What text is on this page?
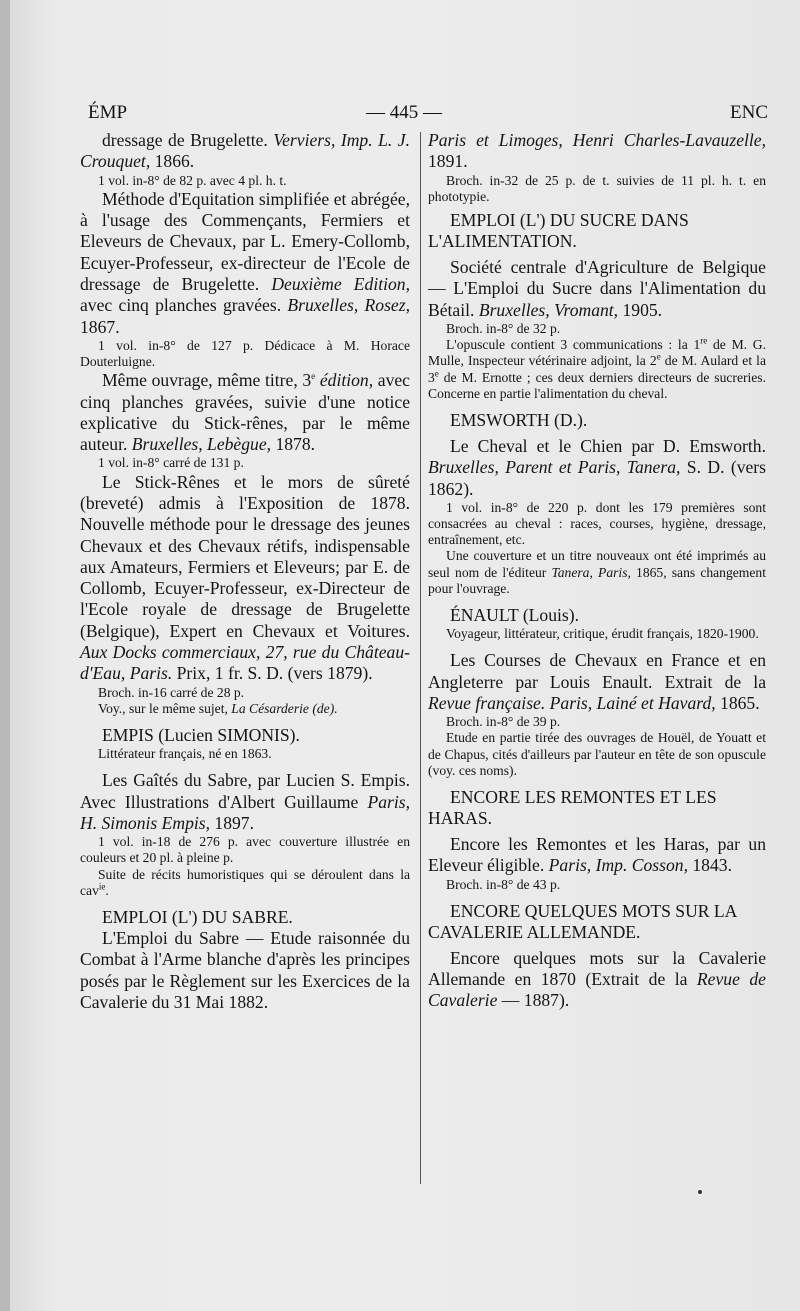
ÉMP	— 445 —	ENC
dressage de Brugelette. Verviers, Imp. L. J. Crouquet, 1866.
1 vol. in-8° de 82 p. avec 4 pl. h. t.
Méthode d'Equitation simplifiée et abrégée, à l'usage des Commençants, Fermiers et Eleveurs de Chevaux, par L. Emery-Collomb, Ecuyer-Professeur, ex-directeur de l'Ecole de dressage de Brugelette. Deuxième Edition, avec cinq planches gravées. Bruxelles, Rosez, 1867.
1 vol. in-8° de 127 p. Dédicace à M. Horace Douterluigne.
Même ouvrage, même titre, 3e édition, avec cinq planches gravées, suivie d'une notice explicative du Stick-rênes, par le même auteur. Bruxelles, Lebègue, 1878.
1 vol. in-8° carré de 131 p.
Le Stick-Rênes et le mors de sûreté (breveté) admis à l'Exposition de 1878. Nouvelle méthode pour le dressage des jeunes Chevaux et des Chevaux rétifs, indispensable aux Amateurs, Fermiers et Eleveurs; par E. de Collomb, Ecuyer-Professeur, ex-Directeur de l'Ecole royale de dressage de Brugelette (Belgique), Expert en Chevaux et Voitures. Aux Docks commerciaux, 27, rue du Château-d'Eau, Paris. Prix, 1 fr. S. D. (vers 1879).
Broch. in-16 carré de 28 p.
Voy., sur le même sujet, La Césarderie (de).
EMPIS (Lucien SIMONIS).
Littérateur français, né en 1863.
Les Gaîtés du Sabre, par Lucien S. Empis. Avec Illustrations d'Albert Guillaume Paris, H. Simonis Empis, 1897.
1 vol. in-18 de 276 p. avec couverture illustrée en couleurs et 20 pl. à pleine p.
Suite de récits humoristiques qui se déroulent dans la cav$^{ie}$.
EMPLOI (L') DU SABRE.
L'Emploi du Sabre — Etude raisonnée du Combat à l'Arme blanche d'après les principes posés par le Règlement sur les Exercices de la Cavalerie du 31 Mai 1882.
Paris et Limoges, Henri Charles-Lavauzelle, 1891.
Broch. in-32 de 25 p. de t. suivies de 11 pl. h. t. en phototypie.
EMPLOI (L') DU SUCRE DANS L'ALIMENTATION.
Société centrale d'Agriculture de Belgique — L'Emploi du Sucre dans l'Alimentation du Bétail. Bruxelles, Vromant, 1905.
Broch. in-8° de 32 p.
L'opuscule contient 3 communications : la 1re de M. G. Mulle, Inspecteur vétérinaire adjoint, la 2e de M. Aulard et la 3e de M. Ernotte ; ces deux derniers directeurs de sucreries. Concerne en partie l'alimentation du cheval.
EMSWORTH (D.).
Le Cheval et le Chien par D. Emsworth. Bruxelles, Parent et Paris, Tanera, S. D. (vers 1862).
1 vol. in-8° de 220 p. dont les 179 premières sont consacrées au cheval : races, courses, hygiène, dressage, entraînement, etc.
Une couverture et un titre nouveaux ont été imprimés au seul nom de l'éditeur Tanera, Paris, 1865, sans changement pour l'ouvrage.
ÉNAULT (Louis).
Voyageur, littérateur, critique, érudit français, 1820-1900.
Les Courses de Chevaux en France et en Angleterre par Louis Enault. Extrait de la Revue française. Paris, Lainé et Havard, 1865.
Broch. in-8° de 39 p.
Etude en partie tirée des ouvrages de Houël, de Youatt et de Chapus, cités d'ailleurs par l'auteur en tête de son opuscule (voy. ces noms).
ENCORE LES REMONTES ET LES HARAS.
Encore les Remontes et les Haras, par un Eleveur éligible. Paris, Imp. Cosson, 1843.
Broch. in-8° de 43 p.
ENCORE QUELQUES MOTS SUR LA CAVALERIE ALLEMANDE.
Encore quelques mots sur la Cavalerie Allemande en 1870 (Extrait de la Revue de Cavalerie — 1887).
